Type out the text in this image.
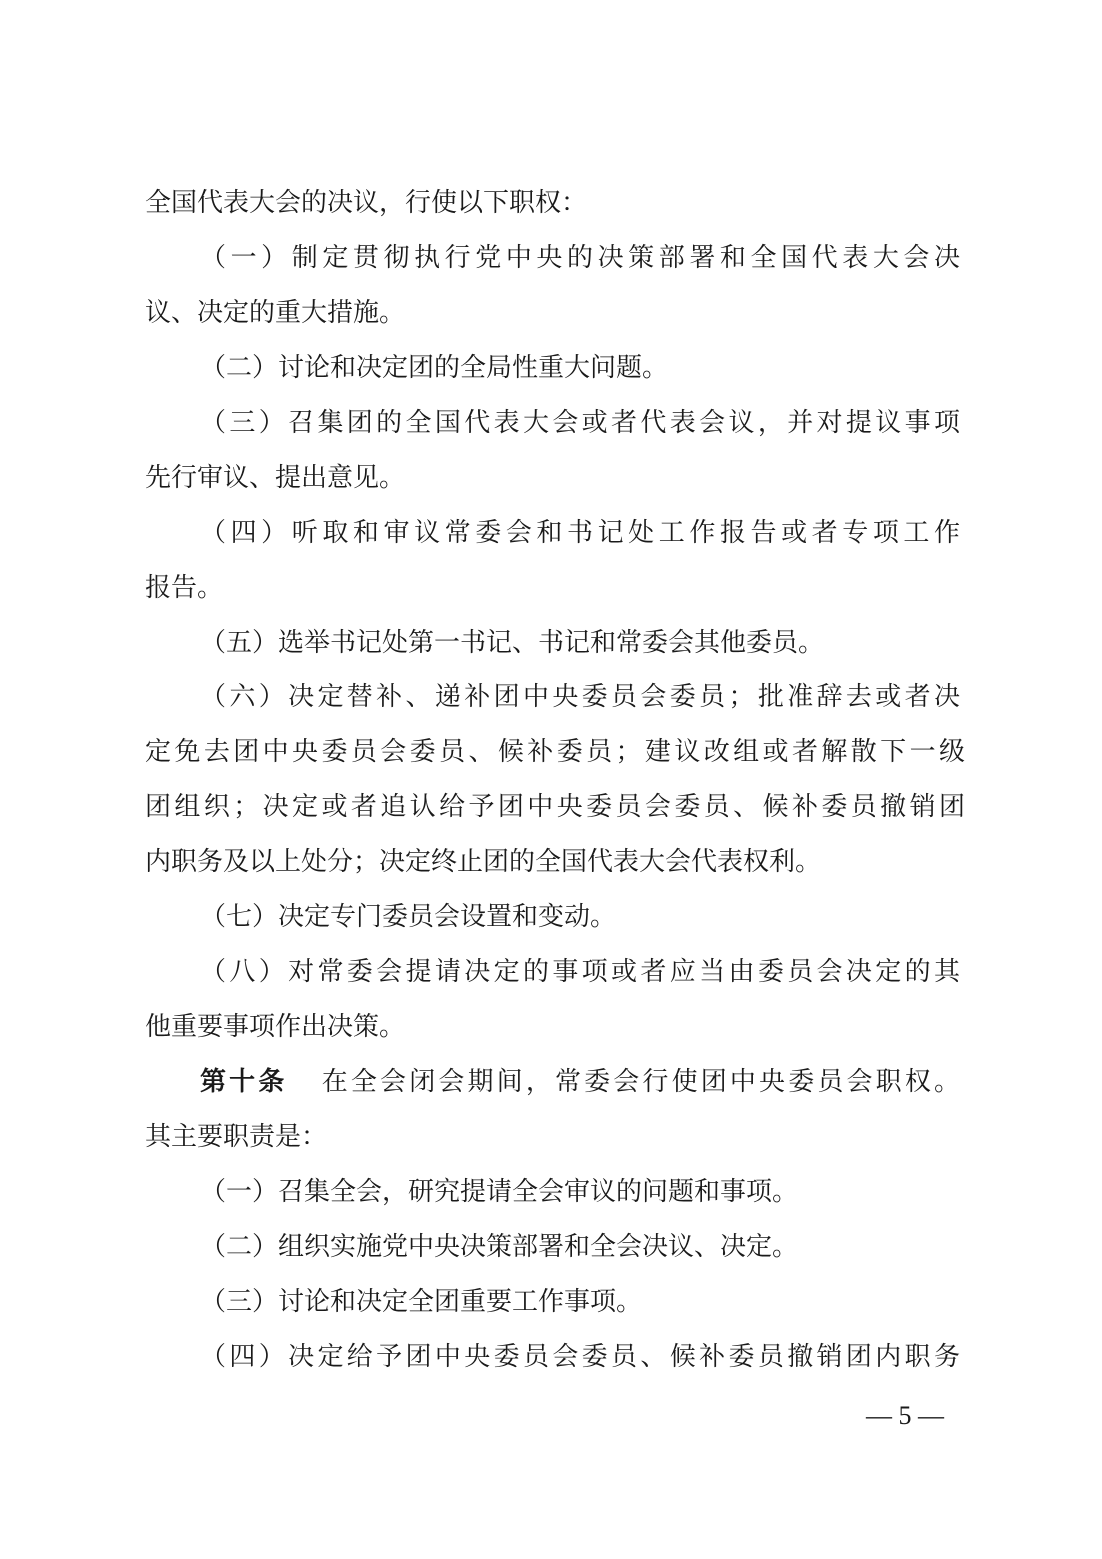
全国代表大会的决议，行使以下职权：
（一）制定贯彻执行党中央的决策部署和全国代表大会决
议、决定的重大措施。
（二）讨论和决定团的全局性重大问题。
（三）召集团的全国代表大会或者代表会议，并对提议事项
先行审议、提出意见。
（四）听取和审议常委会和书记处工作报告或者专项工作
报告。
（五）选举书记处第一书记、书记和常委会其他委员。
（六）决定替补、递补团中央委员会委员；批准辞去或者决
定免去团中央委员会委员、候补委员；建议改组或者解散下一级
团组织；决定或者追认给予团中央委员会委员、候补委员撤销团
内职务及以上处分；决定终止团的全国代表大会代表权利。
（七）决定专门委员会设置和变动。
（八）对常委会提请决定的事项或者应当由委员会决定的其
他重要事项作出决策。
第十条 在全会闭会期间，常委会行使团中央委员会职权。
其主要职责是：
（一）召集全会，研究提请全会审议的问题和事项。
（二）组织实施党中央决策部署和全会决议、决定。
（三）讨论和决定全团重要工作事项。
（四）决定给予团中央委员会委员、候补委员撤销团内职务
— 5 —
